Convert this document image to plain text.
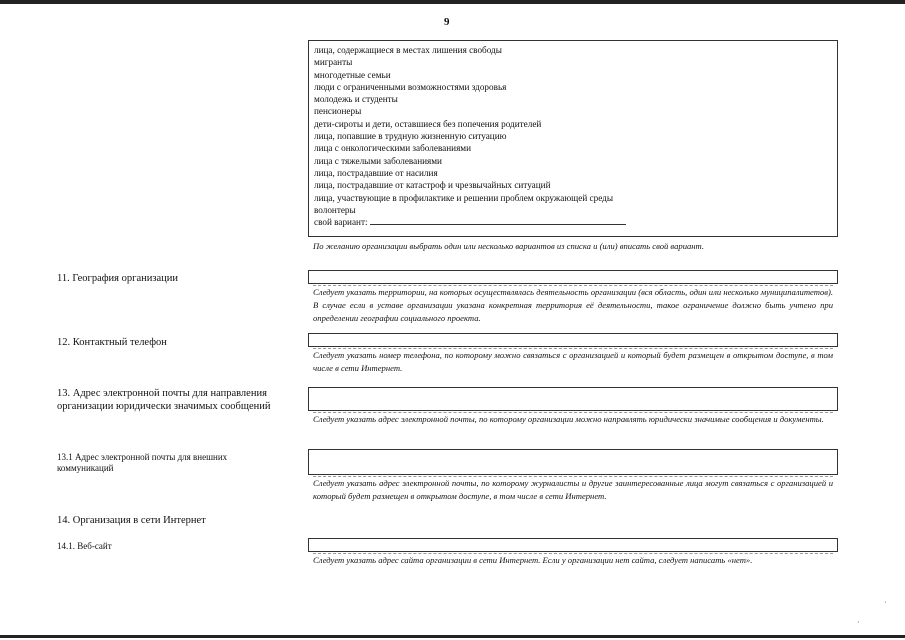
9
лица, содержащиеся в местах лишения свободы
мигранты
многодетные семьи
люди с ограниченными возможностями здоровья
молодежь и студенты
пенсионеры
дети-сироты и дети, оставшиеся без попечения родителей
лица, попавшие в трудную жизненную ситуацию
лица с онкологическими заболеваниями
лица с тяжелыми заболеваниями
лица, пострадавшие от насилия
лица, пострадавшие от катастроф и чрезвычайных ситуаций
лица, участвующие в профилактике и решении проблем окружающей среды
волонтеры
свой вариант:
По желанию организации выбрать один или несколько вариантов из списка и (или) вписать свой вариант.
11. География организации
Следует указать территории, на которых осуществлялась деятельность организации (вся область, один или несколько муниципалитетов). В случае если в уставе организации указана конкретная территория её деятельности, такое ограничение должно быть учтено при определении географии социального проекта.
12. Контактный телефон
Следует указать номер телефона, по которому можно связаться с организацией и который будет размещен в открытом доступе, в том числе в сети Интернет.
13. Адрес электронной почты для направления организации юридически значимых сообщений
Следует указать адрес электронной почты, по которому организации можно направлять юридически значимые сообщения и документы.
13.1 Адрес электронной почты для внешних коммуникаций
Следует указать адрес электронной почты, по которому журналисты и другие заинтересованные лица могут связаться с организацией и который будет размещен в открытом доступе, в том числе в сети Интернет.
14. Организация в сети Интернет
14.1. Веб-сайт
Следует указать адрес сайта организации в сети Интернет. Если у организации нет сайта, следует написать «нет».
·
·
